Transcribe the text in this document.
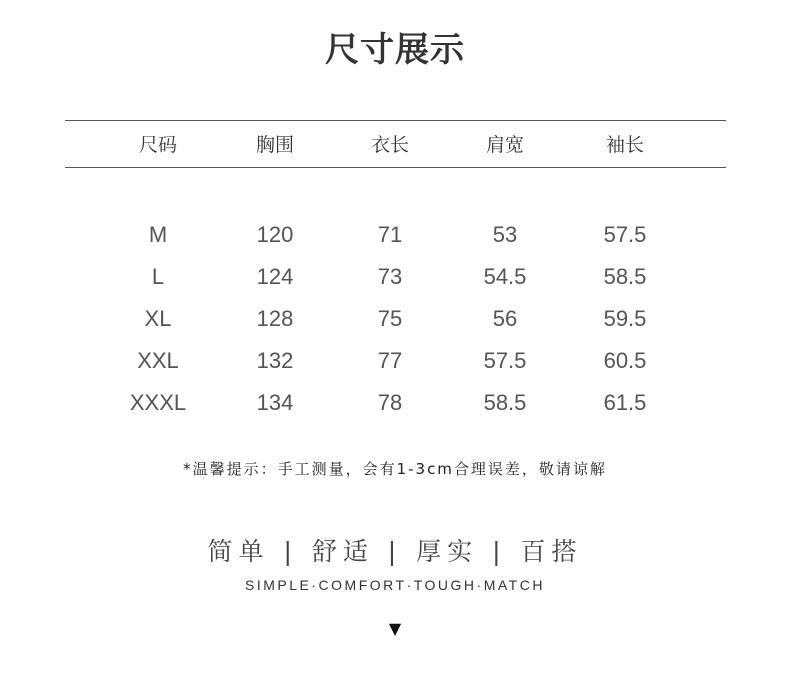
尺寸展示
尺码	胸围	衣长	肩宽	袖长
M	120	71	53	57.5
L	124	73	54.5	58.5
XL	128	75	56	59.5
XXL	132	77	57.5	60.5
XXXL	134	78	58.5	61.5
*温馨提示：手工测量，会有1-3cm合理误差，敬请谅解
简单 | 舒适 | 厚实 | 百搭
SIMPLE·COMFORT·TOUGH·MATCH
▼
